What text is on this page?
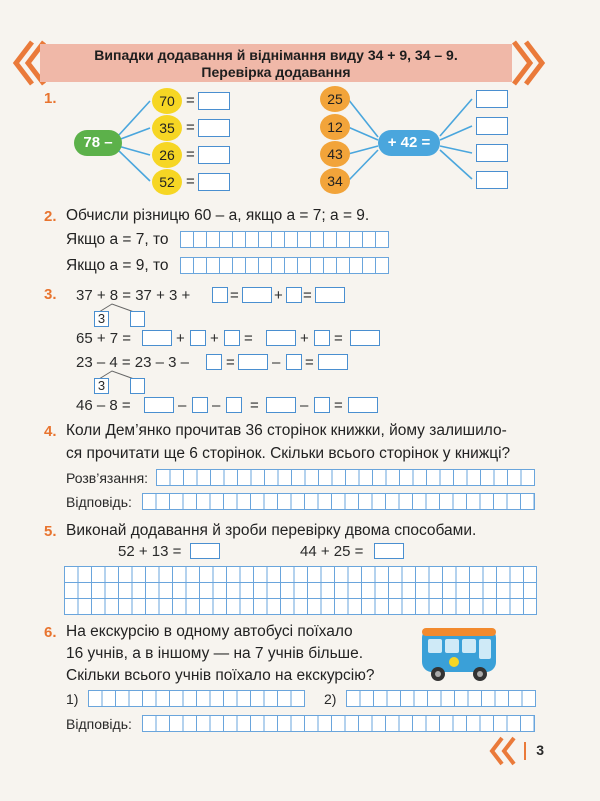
Випадки додавання й віднімання виду 34 + 9, 34 – 9.
Перевірка додавання
1.
78 –
70
35
26
52
=
=
=
=
25
12
43
34
+ 42 =
2. Обчисли різницю 60 – a, якщо a = 7; a = 9.
Якщо a = 7, то
Якщо a = 9, то
3. 37 + 8 = 37 + 3 +	= + =
3
65 + 7 =	+ + =	+ =
23 – 4 = 23 – 3 – = – =
3
46 – 8 =	– – =	– =
4. Коли Дем’янко прочитав 36 сторінок книжки, йому залишило-
ся прочитати ще 6 сторінок. Скільки всього сторінок у книжці?
Розв’язання:
Відповідь:
5. Виконай додавання й зроби перевірку двома способами.
52 + 13 =	44 + 25 =
6. На екскурсію в одному автобусі поїхало
16 учнів, а в іншому — на 7 учнів більше.
Скільки всього учнів поїхало на екскурсію?
1)	2)
Відповідь:
3
